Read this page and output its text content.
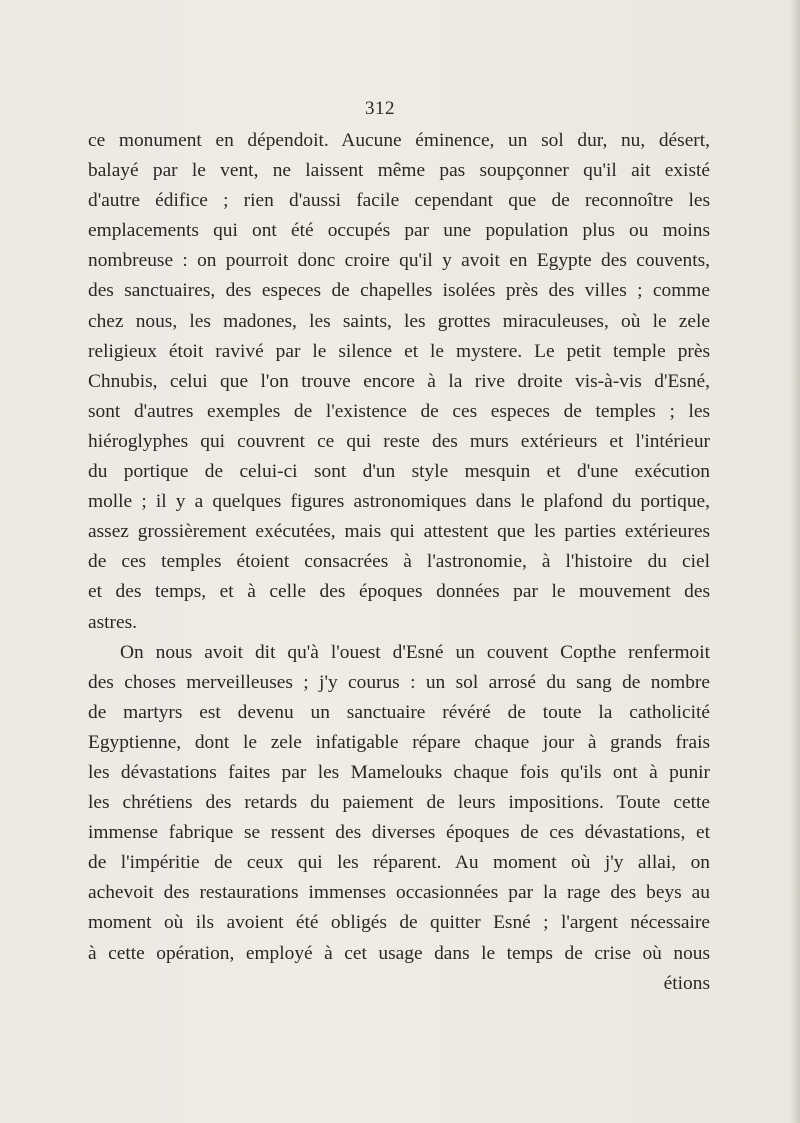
312
ce monument en dépendoit. Aucune éminence, un sol dur, nu, désert,
balayé par le vent, ne laissent même pas soupçonner qu'il ait existé
d'autre édifice ; rien d'aussi facile cependant que de reconnoître les
emplacements qui ont été occupés par une population plus ou moins
nombreuse : on pourroit donc croire qu'il y avoit en Egypte des couvents,
des sanctuaires, des especes de chapelles isolées près des villes ; comme
chez nous, les madones, les saints, les grottes miraculeuses, où le zele
religieux étoit ravivé par le silence et le mystere. Le petit temple près
Chnubis, celui que l'on trouve encore à la rive droite vis-à-vis d'Esné,
sont d'autres exemples de l'existence de ces especes de temples ; les
hiéroglyphes qui couvrent ce qui reste des murs extérieurs et l'intérieur
du portique de celui-ci sont d'un style mesquin et d'une exécution
molle ; il y a quelques figures astronomiques dans le plafond du portique,
assez grossièrement exécutées, mais qui attestent que les parties extérieures
de ces temples étoient consacrées à l'astronomie, à l'histoire du ciel
et des temps, et à celle des époques données par le mouvement des
astres.
On nous avoit dit qu'à l'ouest d'Esné un couvent Copthe renfermoit
des choses merveilleuses ; j'y courus : un sol arrosé du sang de nombre
de martyrs est devenu un sanctuaire révéré de toute la catholicité
Egyptienne, dont le zele infatigable répare chaque jour à grands frais
les dévastations faites par les Mamelouks chaque fois qu'ils ont à punir
les chrétiens des retards du paiement de leurs impositions. Toute cette
immense fabrique se ressent des diverses époques de ces dévastations, et
de l'impéritie de ceux qui les réparent. Au moment où j'y allai, on
achevoit des restaurations immenses occasionnées par la rage des beys au
moment où ils avoient été obligés de quitter Esné ; l'argent nécessaire
à cette opération, employé à cet usage dans le temps de crise où nous
étions
